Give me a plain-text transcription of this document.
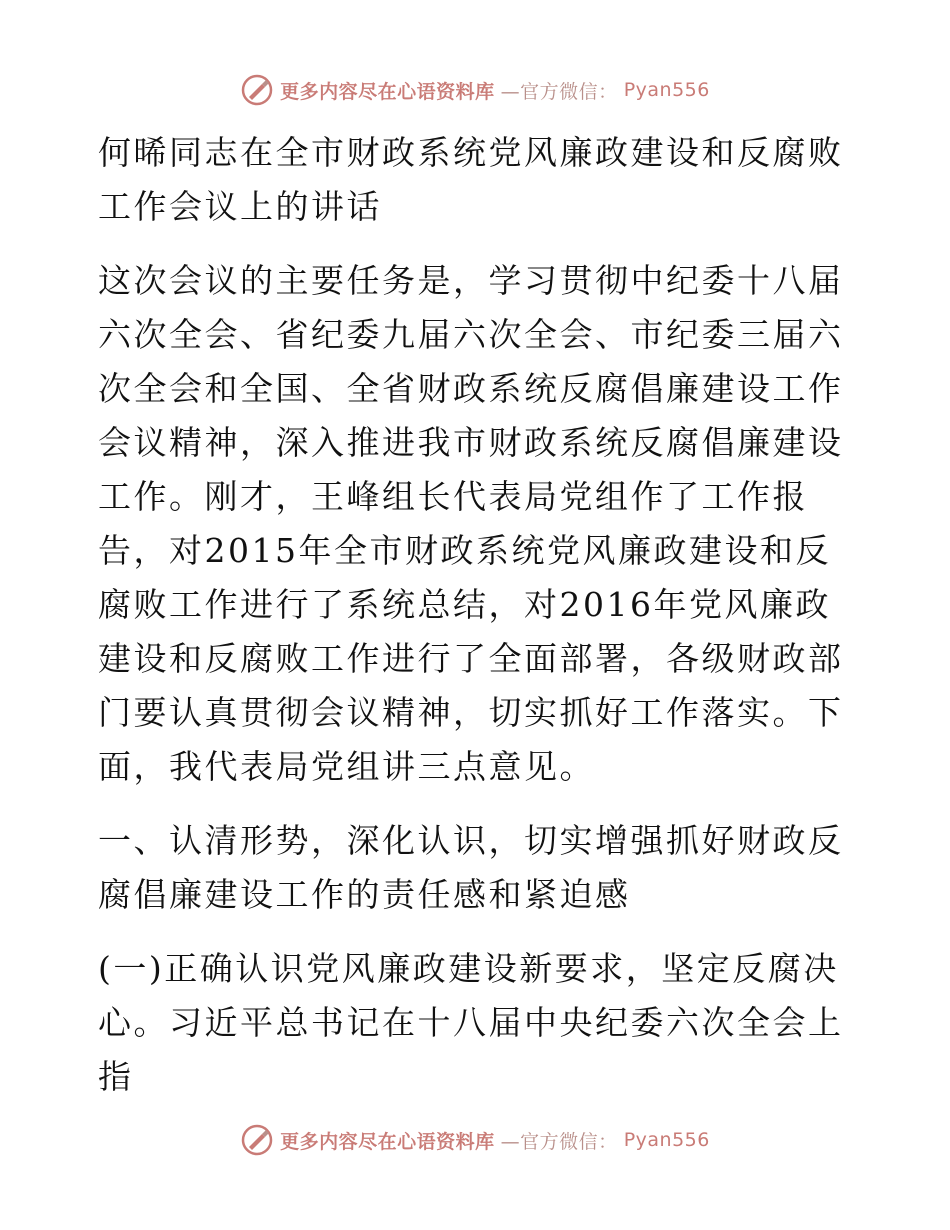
更多内容尽在心语资料库 —官方微信： Pyan556

何晞同志在全市财政系统党风廉政建设和反腐败工作会议上的讲话

这次会议的主要任务是，学习贯彻中纪委十八届六次全会、省纪委九届六次全会、市纪委三届六次全会和全国、全省财政系统反腐倡廉建设工作会议精神，深入推进我市财政系统反腐倡廉建设工作。刚才，王峰组长代表局党组作了工作报告，对2015年全市财政系统党风廉政建设和反腐败工作进行了系统总结，对2016年党风廉政建设和反腐败工作进行了全面部署，各级财政部门要认真贯彻会议精神，切实抓好工作落实。下面，我代表局党组讲三点意见。

一、认清形势，深化认识，切实增强抓好财政反腐倡廉建设工作的责任感和紧迫感

(一)正确认识党风廉政建设新要求，坚定反腐决心。习近平总书记在十八届中央纪委六次全会上指

更多内容尽在心语资料库 —官方微信： Pyan556
